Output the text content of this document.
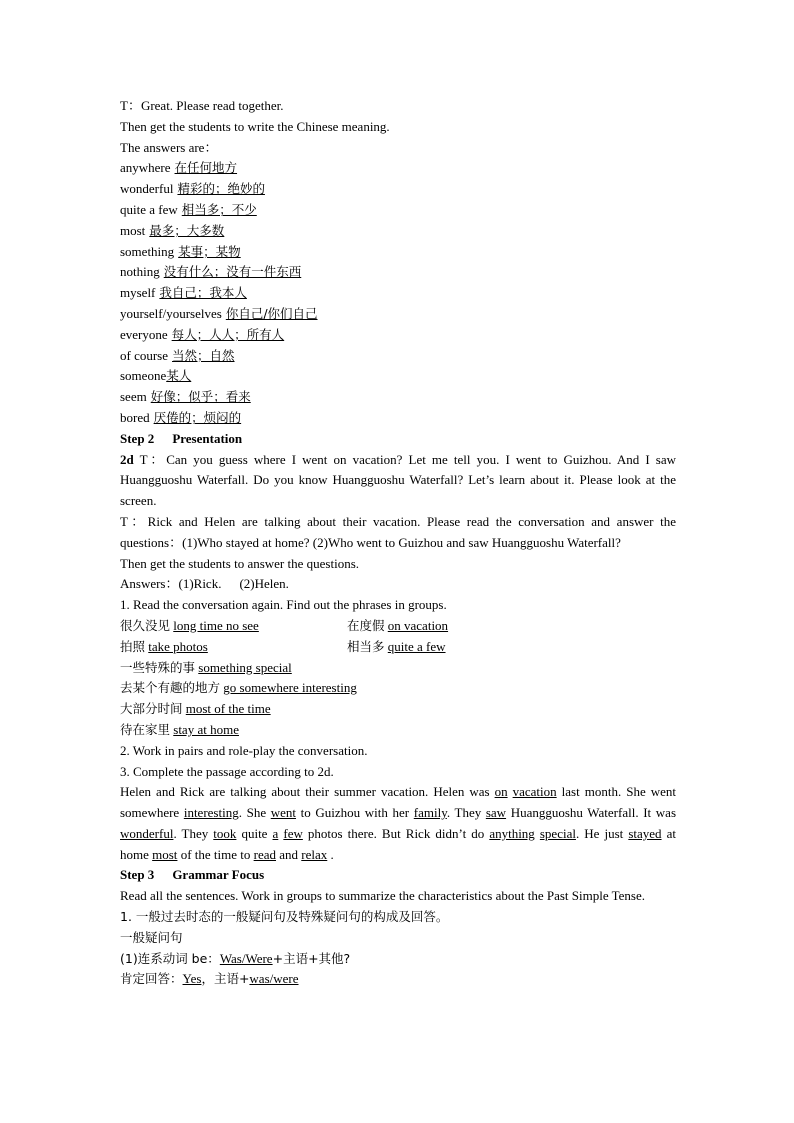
T：Great. Please read together.
Then get the students to write the Chinese meaning.
The answers are：
anywhere 在任何地方
wonderful 精彩的；绝妙的
quite a few 相当多；不少
most 最多；大多数
something 某事；某物
nothing 没有什么；没有一件东西
myself 我自己；我本人
yourself/yourselves 你自己/你们自己
everyone 每人；人人；所有人
of course 当然；自然
someone某人
seem 好像；似乎；看来
bored 厌倦的；烦闷的
Step 2 Presentation
2d T：Can you guess where I went on vacation? Let me tell you. I went to Guizhou. And I saw Huangguoshu Waterfall. Do you know Huangguoshu Waterfall? Let’s learn about it. Please look at the screen.
T：Rick and Helen are talking about their vacation. Please read the conversation and answer the questions：(1)Who stayed at home? (2)Who went to Guizhou and saw Huangguoshu Waterfall?
Then get the students to answer the questions.
Answers：(1)Rick. (2)Helen.
1. Read the conversation again. Find out the phrases in groups.
很久没见 long time no see	在度假 on vacation
拍照 take photos	相当多 quite a few
一些特殊的事 something special
去某个有趣的地方 go somewhere interesting
大部分时间 most of the time
待在家里 stay at home
2. Work in pairs and role-play the conversation.
3. Complete the passage according to 2d.
Helen and Rick are talking about their summer vacation. Helen was on vacation last month. She went somewhere interesting. She went to Guizhou with her family. They saw Huangguoshu Waterfall. It was wonderful. They took quite a few photos there. But Rick didn’t do anything special. He just stayed at home most of the time to read and relax .
Step 3 Grammar Focus
Read all the sentences. Work in groups to summarize the characteristics about the Past Simple Tense.
1. 一般过去时态的一般疑问句及特殊疑问句的构成及回答。
一般疑问句
(1)连系动词 be：Was/Were+主语+其他?
肯定回答：Yes，主语+was/were
